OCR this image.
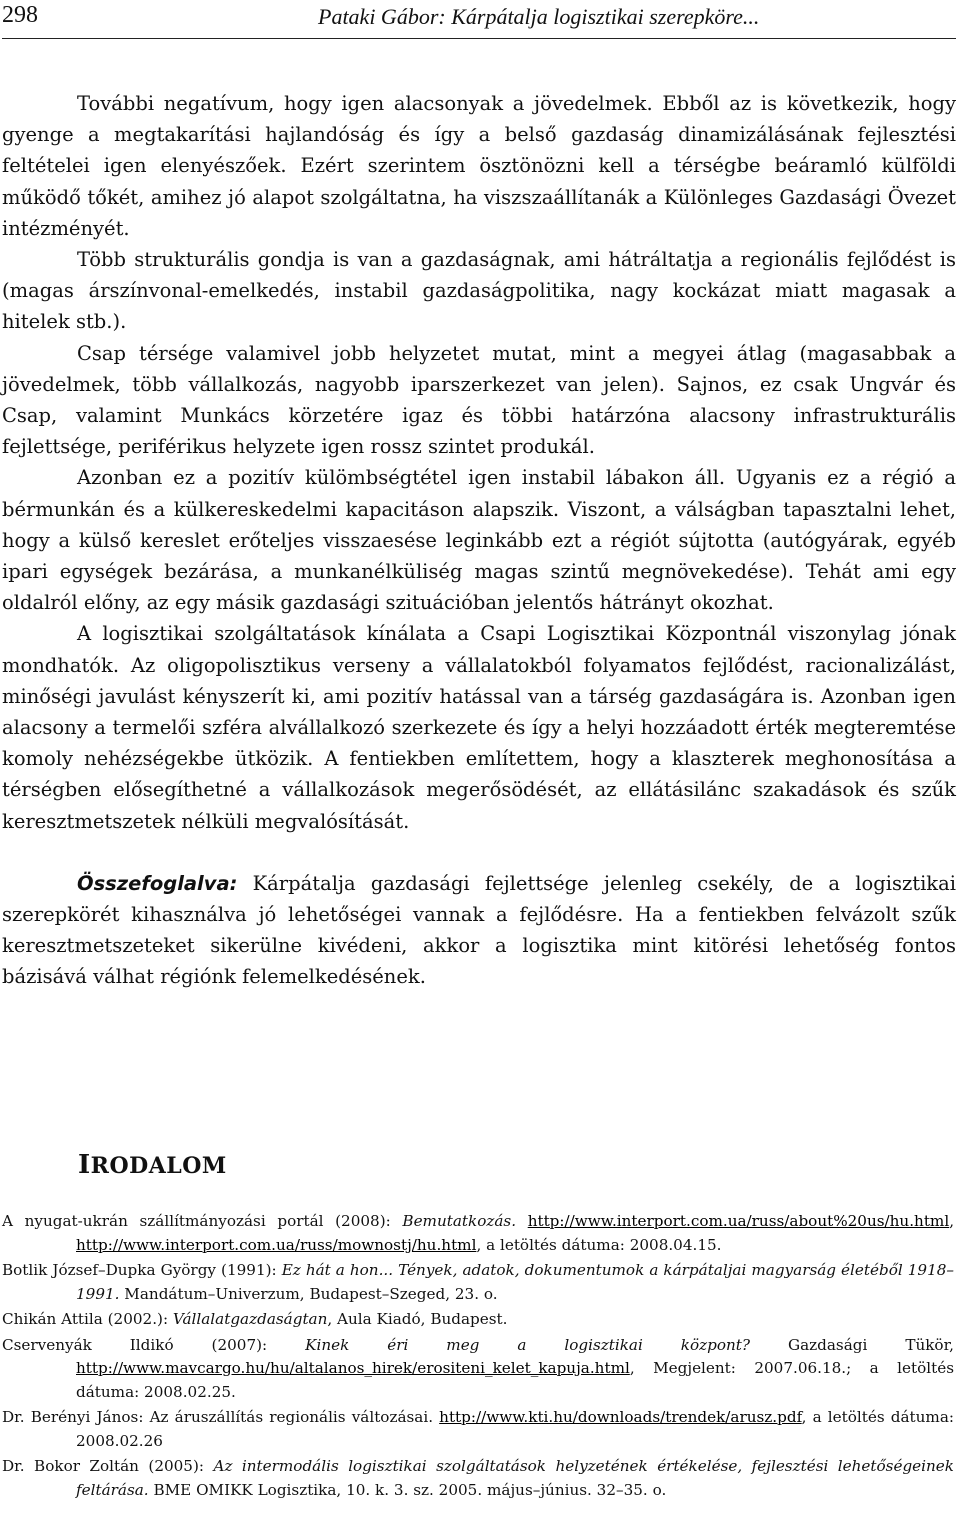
298	Pataki Gábor: Kárpátalja logisztikai szerepköre...

További negatívum, hogy igen alacsonyak a jövedelmek. Ebből az is következik, hogy gyenge a megtakarítási hajlandóság és így a belső gazdaság dinamizálásának fejlesztési feltételei igen elenyészőek. Ezért szerintem ösztönözni kell a térségbe beáramló külföldi működő tőkét, amihez jó alapot szolgáltatna, ha viszszaállítanák a Különleges Gazdasági Övezet intézményét.

Több strukturális gondja is van a gazdaságnak, ami hátráltatja a regionális fejlődést is (magas árszínvonal-emelkedés, instabil gazdaságpolitika, nagy kockázat miatt magasak a hitelek stb.).

Csap térsége valamivel jobb helyzetet mutat, mint a megyei átlag (magasabbak a jövedelmek, több vállalkozás, nagyobb iparszerkezet van jelen). Sajnos, ez csak Ungvár és Csap, valamint Munkács körzetére igaz és többi határzóna alacsony infrastrukturális fejlettsége, periférikus helyzete igen rossz szintet produkál.

Azonban ez a pozitív külömbségtétel igen instabil lábakon áll. Ugyanis ez a régió a bérmunkán és a külkereskedelmi kapacitáson alapszik. Viszont, a válságban tapasztalni lehet, hogy a külső kereslet erőteljes visszaesése leginkább ezt a régiót sújtotta (autógyárak, egyéb ipari egységek bezárása, a munkanélküliség magas szintű megnövekedése). Tehát ami egy oldalról előny, az egy másik gazdasági szituációban jelentős hátrányt okozhat.

A logisztikai szolgáltatások kínálata a Csapi Logisztikai Központnál viszonylag jónak mondhatók. Az oligopolisztikus verseny a vállalatokból folyamatos fejlődést, racionalizálást, minőségi javulást kényszerít ki, ami pozitív hatással van a társég gazdaságára is. Azonban igen alacsony a termelői szféra alvállalkozó szerkezete és így a helyi hozzáadott érték megteremtése komoly nehézségekbe ütközik. A fentiekben említettem, hogy a klaszterek meghonosítása a térségben elősegíthetné a vállalkozások megerősödését, az ellátásilánc szakadások és szűk keresztmetszetek nélküli megvalósítását.

Összefoglalva: Kárpátalja gazdasági fejlettsége jelenleg csekély, de a logisztikai szerepkörét kihasználva jó lehetőségei vannak a fejlődésre. Ha a fentiekben felvázolt szűk keresztmetszeteket sikerülne kivédeni, akkor a logisztika mint kitörési lehetőség fontos bázisává válhat régiónk felemelkedésének.

IRODALOM

A nyugat-ukrán szállítmányozási portál (2008): Bemutatkozás. http://www.interport.com.ua/russ/about%20us/hu.html, http://www.interport.com.ua/russ/mownostj/hu.html, a letöltés dátuma: 2008.04.15.

Botlik József–Dupka György (1991): Ez hát a hon... Tények, adatok, dokumentumok a kárpátaljai magyarság életéből 1918–1991. Mandátum–Univerzum, Budapest–Szeged, 23. o.

Chikán Attila (2002.): Vállalatgazdaságtan, Aula Kiadó, Budapest.

Cservenyák Ildikó (2007): Kinek éri meg a logisztikai központ? Gazdasági Tükör, http://www.mavcargo.hu/hu/altalanos_hirek/erositeni_kelet_kapuja.html, Megjelent: 2007.06.18.; a letöltés dátuma: 2008.02.25.

Dr. Berényi János: Az áruszállítás regionális változásai. http://www.kti.hu/downloads/trendek/arusz.pdf, a letöltés dátuma: 2008.02.26

Dr. Bokor Zoltán (2005): Az intermodális logisztikai szolgáltatások helyzetének értékelése, fejlesztési lehetőségeinek feltárása. BME OMIKK Logisztika, 10. k. 3. sz. 2005. május–június. 32–35. o.
